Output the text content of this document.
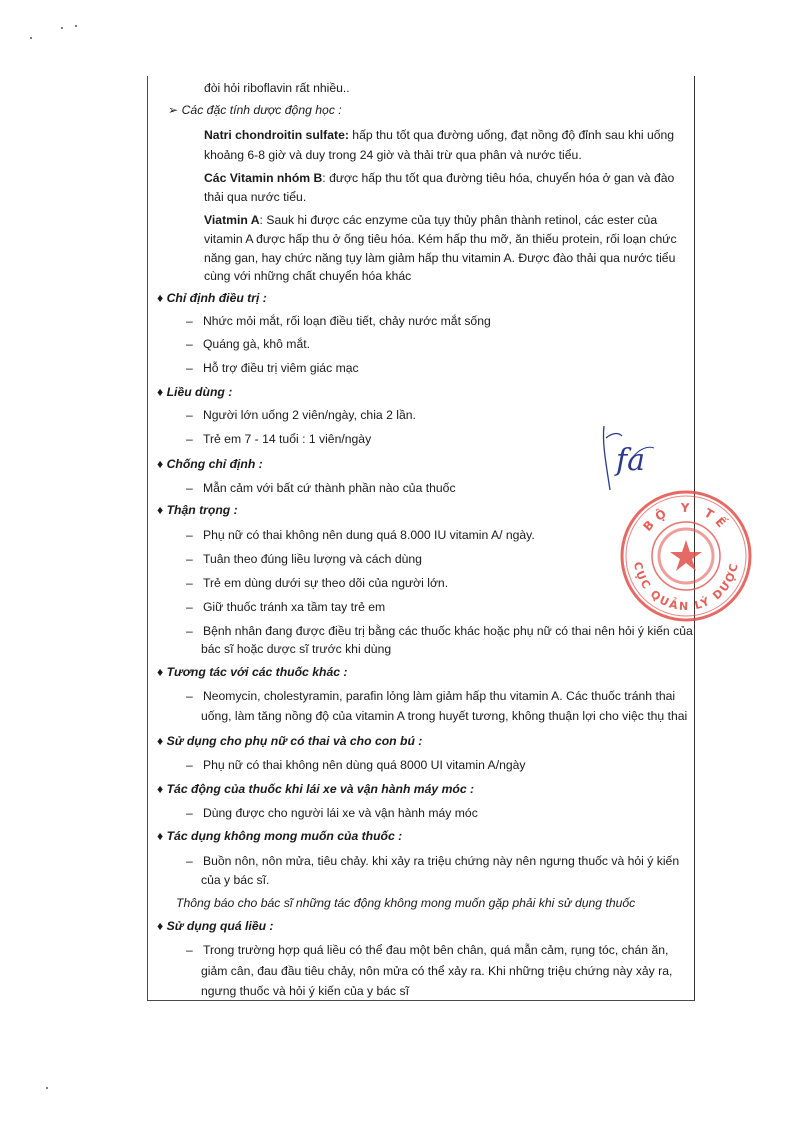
đòi hỏi riboflavin rất nhiều..
➢ Các đặc tính dược động học :
Natri chondroitin sulfate: hấp thu tốt qua đường uống, đạt nồng độ đỉnh sau khi uống
khoảng 6-8 giờ và duy trong 24 giờ và thải trừ qua phân và nước tiểu.
Các Vitamin nhóm B: được hấp thu tốt qua đường tiêu hóa, chuyển hóa ở gan và đào
thải qua nước tiểu.
Viatmin A: Sauk hi được các enzyme của tụy thủy phân thành retinol, các ester của
vitamin A được hấp thu ở ống tiêu hóa. Kém hấp thu mỡ, ăn thiếu protein, rối loạn chức
năng gan, hay chức năng tụy làm giảm hấp thu vitamin A. Được đào thải qua nước tiểu
cùng với những chất chuyển hóa khác
♦ Chỉ định điều trị :
– Nhức mỏi mắt, rối loạn điều tiết, chảy nước mắt sống
– Quáng gà, khô mắt.
– Hỗ trợ điều trị viêm giác mạc
♦ Liều dùng :
– Người lớn uống 2 viên/ngày, chia 2 lần.
– Trẻ em 7 - 14 tuổi : 1 viên/ngày
♦ Chống chỉ định :
– Mẫn cảm với bất cứ thành phần nào của thuốc
♦ Thận trọng :
– Phụ nữ có thai không nên dung quá 8.000 IU vitamin A/ ngày.
– Tuân theo đúng liều lượng và cách dùng
– Trẻ em dùng dưới sự theo dõi của người lớn.
– Giữ thuốc tránh xa tầm tay trẻ em
– Bệnh nhân đang được điều trị bằng các thuốc khác hoặc phụ nữ có thai nên hỏi ý kiến của
bác sĩ hoặc dược sĩ trước khi dùng
♦ Tương tác với các thuốc khác :
– Neomycin, cholestyramin, parafin lỏng làm giảm hấp thu vitamin A. Các thuốc tránh thai
uống, làm tăng nồng độ của vitamin A trong huyết tương, không thuận lợi cho việc thụ thai
♦ Sử dụng cho phụ nữ có thai và cho con bú :
– Phụ nữ có thai không nên dùng quá 8000 UI vitamin A/ngày
♦ Tác động của thuốc khi lái xe và vận hành máy móc :
– Dùng được cho người lái xe và vận hành máy móc
♦ Tác dụng không mong muốn của thuốc :
– Buồn nôn, nôn mửa, tiêu chảy. khi xảy ra triệu chứng này nên ngưng thuốc và hỏi ý kiến
của y bác sĩ.
Thông báo cho bác sĩ những tác động không mong muốn gặp phải khi sử dụng thuốc
♦ Sử dụng quá liều :
– Trong trường hợp quá liều có thể đau một bên chân, quá mẫn cảm, rụng tóc, chán ăn,
giảm cân, đau đầu tiêu chảy, nôn mửa có thể xảy ra. Khi những triệu chứng này xảy ra,
ngưng thuốc và hỏi ý kiến của y bác sĩ
fa
BỘ Y TẾ
CỤC QUẢN LÝ DƯỢC
